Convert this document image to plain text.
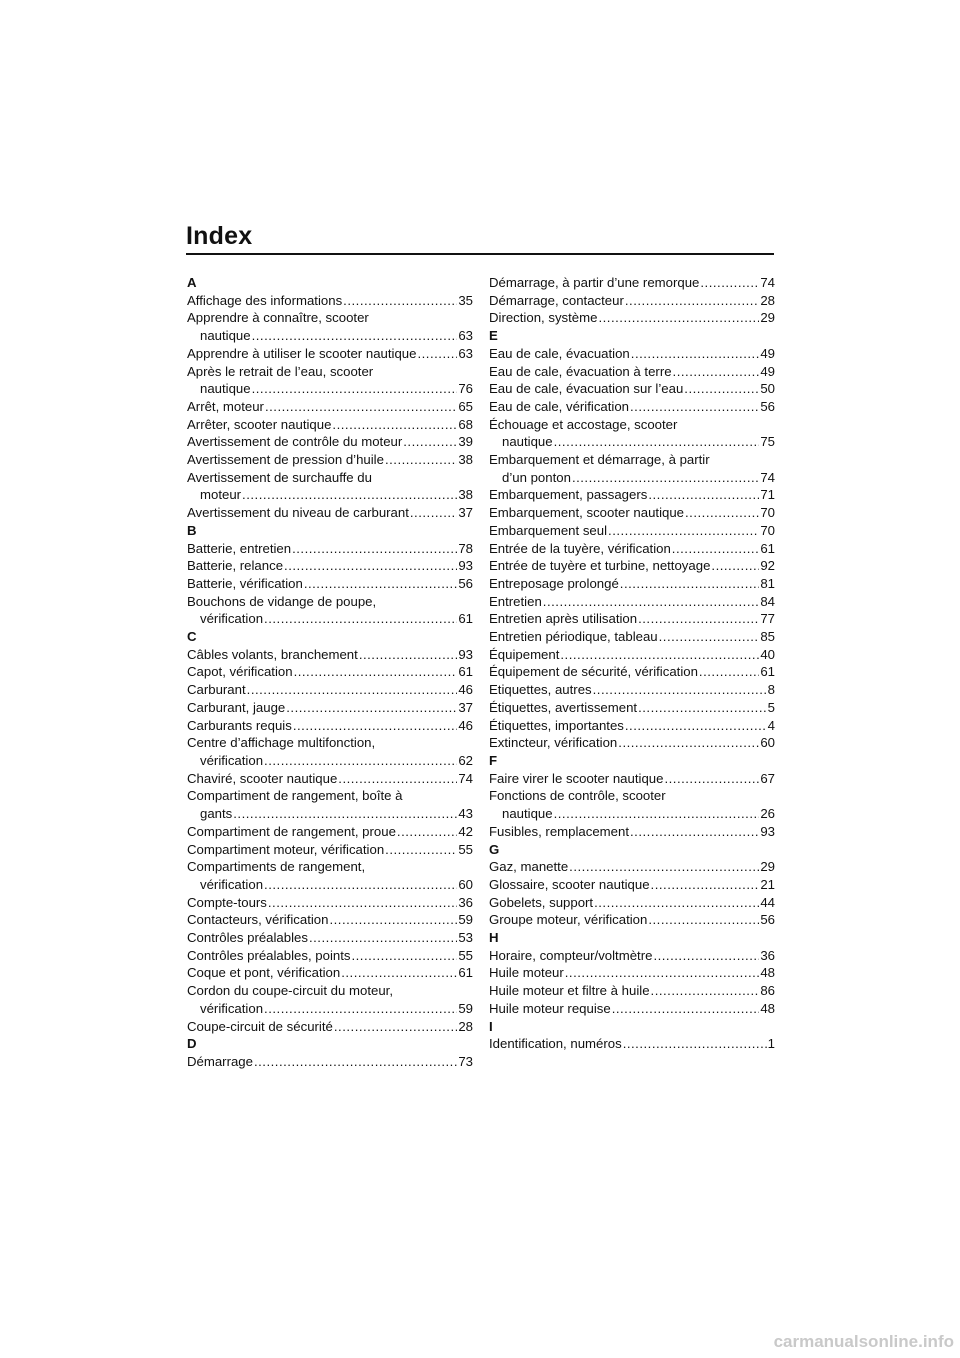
Index
A
Affichage des informations .....	35
Apprendre à connaître, scooter
nautique .....	63
Apprendre à utiliser le scooter nautique .....	63
Après le retrait de l’eau, scooter
nautique .....	76
Arrêt, moteur .....	65
Arrêter, scooter nautique .....	68
Avertissement de contrôle du moteur .....	39
Avertissement de pression d’huile .....	38
Avertissement de surchauffe du
moteur .....	38
Avertissement du niveau de carburant .....	37
B
Batterie, entretien .....	78
Batterie, relance .....	93
Batterie, vérification .....	56
Bouchons de vidange de poupe,
vérification .....	61
C
Câbles volants, branchement .....	93
Capot, vérification .....	61
Carburant .....	46
Carburant, jauge .....	37
Carburants requis .....	46
Centre d’affichage multifonction,
vérification .....	62
Chaviré, scooter nautique .....	74
Compartiment de rangement, boîte à
gants .....	43
Compartiment de rangement, proue .....	42
Compartiment moteur, vérification .....	55
Compartiments de rangement,
vérification .....	60
Compte-tours .....	36
Contacteurs, vérification .....	59
Contrôles préalables .....	53
Contrôles préalables, points .....	55
Coque et pont, vérification .....	61
Cordon du coupe-circuit du moteur,
vérification .....	59
Coupe-circuit de sécurité .....	28
D
Démarrage .....	73
Démarrage, à partir d’une remorque .....	74
Démarrage, contacteur .....	28
Direction, système .....	29
E
Eau de cale, évacuation .....	49
Eau de cale, évacuation à terre .....	49
Eau de cale, évacuation sur l’eau .....	50
Eau de cale, vérification .....	56
Échouage et accostage, scooter
nautique .....	75
Embarquement et démarrage, à partir
d’un ponton .....	74
Embarquement, passagers .....	71
Embarquement, scooter nautique .....	70
Embarquement seul .....	70
Entrée de la tuyère, vérification .....	61
Entrée de tuyère et turbine, nettoyage .....	92
Entreposage prolongé .....	81
Entretien .....	84
Entretien après utilisation .....	77
Entretien périodique, tableau .....	85
Équipement .....	40
Équipement de sécurité, vérification .....	61
Etiquettes, autres .....	8
Étiquettes, avertissement .....	5
Étiquettes, importantes .....	4
Extincteur, vérification .....	60
F
Faire virer le scooter nautique .....	67
Fonctions de contrôle, scooter
nautique .....	26
Fusibles, remplacement .....	93
G
Gaz, manette .....	29
Glossaire, scooter nautique .....	21
Gobelets, support .....	44
Groupe moteur, vérification .....	56
H
Horaire, compteur/voltmètre .....	36
Huile moteur .....	48
Huile moteur et filtre à huile .....	86
Huile moteur requise .....	48
I
Identification, numéros .....	1
carmanualsonline.info
